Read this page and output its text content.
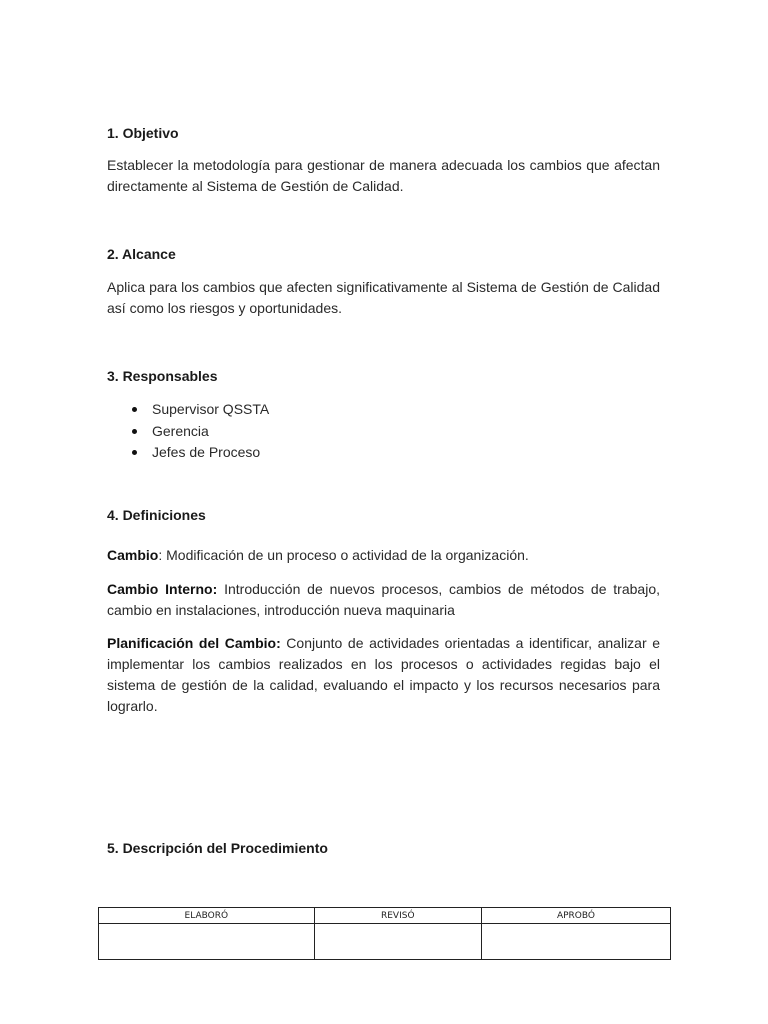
1. Objetivo

Establecer la metodología para gestionar de manera adecuada los cambios que afectan directamente al Sistema de Gestión de Calidad.

2. Alcance

Aplica para los cambios que afecten significativamente al Sistema de Gestión de Calidad así como los riesgos y oportunidades.

3. Responsables
Supervisor QSSTA
Gerencia
Jefes de Proceso
4. Definiciones

Cambio: Modificación de un proceso o actividad de la organización.

Cambio Interno: Introducción de nuevos procesos, cambios de métodos de trabajo, cambio en instalaciones, introducción nueva maquinaria

Planificación del Cambio: Conjunto de actividades orientadas a identificar, analizar e implementar los cambios realizados en los procesos o actividades regidas bajo el sistema de gestión de la calidad, evaluando el impacto y los recursos necesarios para lograrlo.

5. Descripción del Procedimiento
ELABORÓ	REVISÓ	APROBÓ
